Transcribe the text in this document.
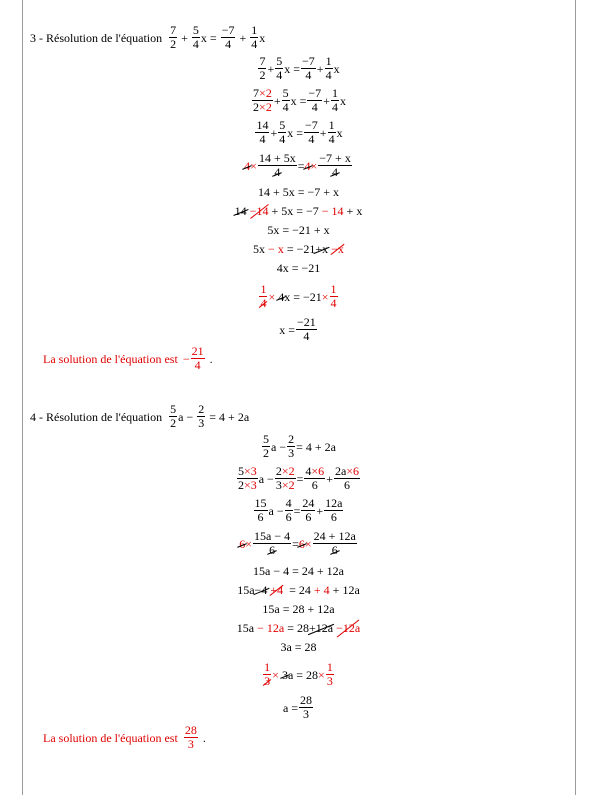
3 - Résolution de l'équation $\frac{7}{2} + \frac{5}{4}$ $x = \frac{-7}{4} + \frac{1}{4}$ x
$\frac{7}{2} + \frac{5}{4}$ $x = \frac{-7}{4} + \frac{1}{4}$ x
$\frac{7\times 2}{2\times 2} + \frac{5}{4}$ $x = \frac{-7}{4} + \frac{1}{4}$ x
$\frac{14}{4} + \frac{5}{4}$ $x = \frac{-7}{4} + \frac{1}{4}$ x
$4\times \frac{14 + 5x}{4} = 4\times \frac{-7 + x}{4}$
14 + 5x = −7 + x
14
−14 + 5x = −7 − 14 + x
5x = −21 + x
5x − x = −21 +x
−x
4x = −21
$\frac{1}{4}$ ×
4 $x = -21 \times \frac{1}{4}$
$x = \frac{-21}{4}$
La solution de l'équation est − $\frac{21}{4}$ .
4 - Résolution de l'équation $\frac{5}{2}$ $a - \frac{2}{3} = 4 + 2a$
$\frac{5}{2}$ $a - \frac{2}{3} = 4 + 2a$
$\frac{5\times 3}{2\times 3}$ $a - \frac{2\times 2}{3\times 2} = \frac{4\times 6}{6} + \frac{2a\times 6}{6}$
$\frac{15}{6}$ $a - \frac{4}{6} = \frac{24}{6} + \frac{12a}{6}$
$6\times \frac{15a - 4}{6} = 6\times \frac{24 + 12a}{6}$
15a − 4 = 24 + 12a
15a −4
+4 = 24 + 4 + 12a
15a = 28 + 12a
15a − 12a = 28 +12a
−12a
3a = 28
$\frac{1}{3}$ ×
3 $a = 28 \times \frac{1}{3}$
$a = \frac{28}{3}$
La solution de l'équation est $\frac{28}{3}$ .
